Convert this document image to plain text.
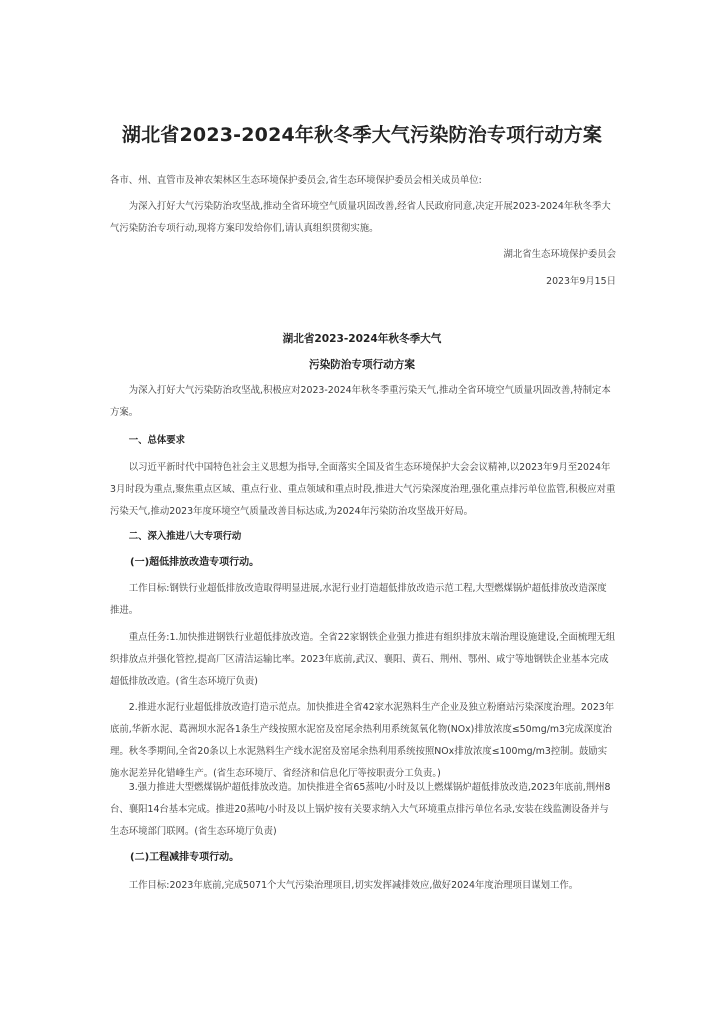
湖北省2023-2024年秋冬季大气污染防治专项行动方案

各市、州、直管市及神农架林区生态环境保护委员会,省生态环境保护委员会相关成员单位:

为深入打好大气污染防治攻坚战,推动全省环境空气质量巩固改善,经省人民政府同意,决定开展2023-2024年秋冬季大气污染防治专项行动,现将方案印发给你们,请认真组织贯彻实施。

湖北省生态环境保护委员会

2023年9月15日

湖北省2023-2024年秋冬季大气
污染防治专项行动方案

为深入打好大气污染防治攻坚战,积极应对2023-2024年秋冬季重污染天气,推动全省环境空气质量巩固改善,特制定本方案。

一、总体要求

以习近平新时代中国特色社会主义思想为指导,全面落实全国及省生态环境保护大会会议精神,以2023年9月至2024年3月时段为重点,聚焦重点区域、重点行业、重点领域和重点时段,推进大气污染深度治理,强化重点排污单位监管,积极应对重污染天气,推动2023年度环境空气质量改善目标达成,为2024年污染防治攻坚战开好局。

二、深入推进八大专项行动

(一)超低排放改造专项行动。

工作目标:钢铁行业超低排放改造取得明显进展,水泥行业打造超低排放改造示范工程,大型燃煤锅炉超低排放改造深度推进。

重点任务:1.加快推进钢铁行业超低排放改造。全省22家钢铁企业强力推进有组织排放末端治理设施建设,全面梳理无组织排放点并强化管控,提高厂区清洁运输比率。2023年底前,武汉、襄阳、黄石、荆州、鄂州、咸宁等地钢铁企业基本完成超低排放改造。(省生态环境厅负责)

2.推进水泥行业超低排放改造打造示范点。加快推进全省42家水泥熟料生产企业及独立粉磨站污染深度治理。2023年底前,华新水泥、葛洲坝水泥各1条生产线按照水泥窑及窑尾余热利用系统氮氧化物(NOx)排放浓度≤50mg/m3完成深度治理。秋冬季期间,全省20条以上水泥熟料生产线水泥窑及窑尾余热利用系统按照NOx排放浓度≤100mg/m3控制。鼓励实施水泥差异化错峰生产。(省生态环境厅、省经济和信息化厅等按职责分工负责。)

3.强力推进大型燃煤锅炉超低排放改造。加快推进全省65蒸吨/小时及以上燃煤锅炉超低排放改造,2023年底前,荆州8台、襄阳14台基本完成。推进20蒸吨/小时及以上锅炉按有关要求纳入大气环境重点排污单位名录,安装在线监测设备并与生态环境部门联网。(省生态环境厅负责)

(二)工程减排专项行动。

工作目标:2023年底前,完成5071个大气污染治理项目,切实发挥减排效应,做好2024年度治理项目谋划工作。
